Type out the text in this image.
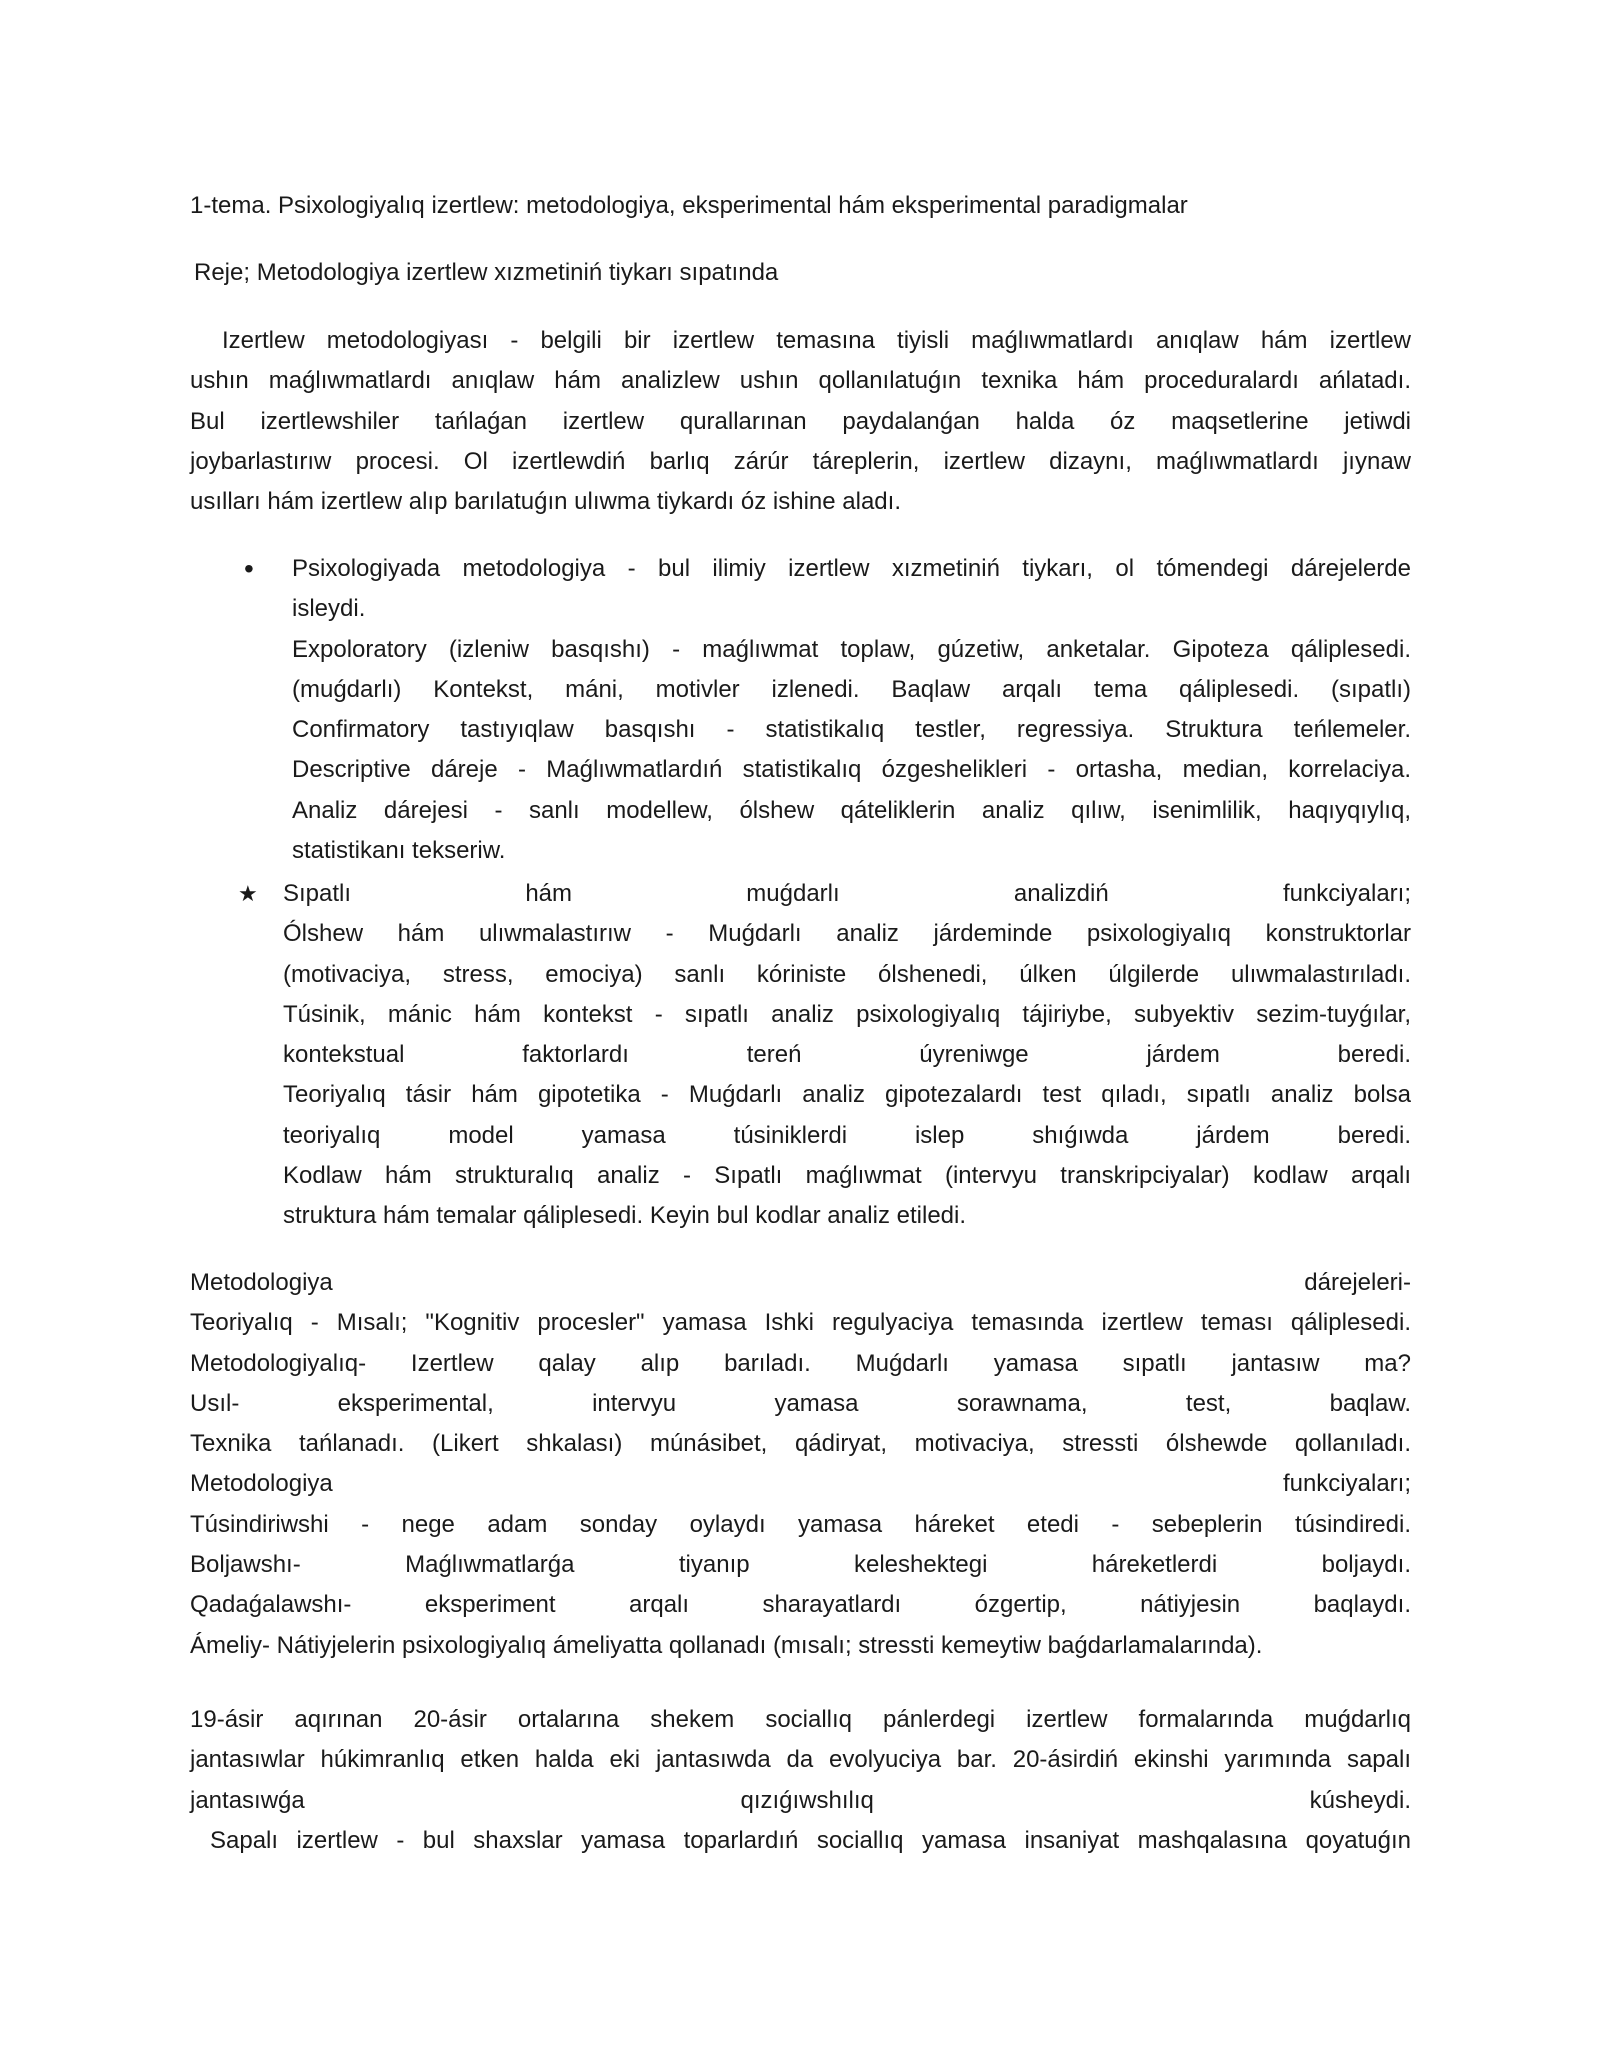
1-tema. Psixologiyalıq izertlew: metodologiya, eksperimental hám eksperimental paradigmalar
Reje; Metodologiya izertlew xızmetiniń tiykarı sıpatında
Izertlew metodologiyası - belgili bir izertlew temasına tiyisli maǵlıwmatlardı anıqlaw hám izertlew
ushın maǵlıwmatlardı anıqlaw hám analizlew ushın qollanılatuǵın texnika hám proceduralardı ańlatadı.
Bul izertlewshiler tańlaǵan izertlew qurallarınan paydalanǵan halda óz maqsetlerine jetiwdi
joybarlastırıw procesi. Ol izertlewdiń barlıq zárúr táreplerin, izertlew dizaynı, maǵlıwmatlardı jıynaw
usılları hám izertlew alıp barılatuǵın ulıwma tiykardı óz ishine aladı.
• Psixologiyada metodologiya - bul ilimiy izertlew xızmetiniń tiykarı, ol tómendegi dárejelerde
isleydi.
Expoloratory (izleniw basqıshı) - maǵlıwmat toplaw, gúzetiw, anketalar. Gipoteza qáliplesedi.
(muǵdarlı) Kontekst, máni, motivler izlenedi. Baqlaw arqalı tema qáliplesedi. (sıpatlı)
Confirmatory tastıyıqlaw basqıshı - statistikalıq testler, regressiya. Struktura teńlemeler.
Descriptive dáreje - Maǵlıwmatlardıń statistikalıq ózgeshelikleri - ortasha, median, korrelaciya.
Analiz dárejesi - sanlı modellew, ólshew qáteliklerin analiz qılıw, isenimlilik, haqıyqıylıq,
statistikanı tekseriw.
★ Sıpatlı hám muǵdarlı analizdiń funkciyaları;
Ólshew hám ulıwmalastırıw - Muǵdarlı analiz járdeminde psixologiyalıq konstruktorlar
(motivaciya, stress, emociya) sanlı kóriniste ólshenedi, úlken úlgilerde ulıwmalastırıladı.
Túsinik, mánic hám kontekst - sıpatlı analiz psixologiyalıq tájiriybe, subyektiv sezim-tuyǵılar,
kontekstual faktorlardı tereń úyreniwge járdem beredi.
Teoriyalıq tásir hám gipotetika - Muǵdarlı analiz gipotezalardı test qıladı, sıpatlı analiz bolsa
teoriyalıq model yamasa túsiniklerdi islep shıǵıwda járdem beredi.
Kodlaw hám strukturalıq analiz - Sıpatlı maǵlıwmat (intervyu transkripciyalar) kodlaw arqalı
struktura hám temalar qáliplesedi. Keyin bul kodlar analiz etiledi.
Metodologiya dárejeleri-
Teoriyalıq - Mısalı; "Kognitiv procesler" yamasa Ishki regulyaciya temasında izertlew teması qáliplesedi.
Metodologiyalıq- Izertlew qalay alıp barıladı. Muǵdarlı yamasa sıpatlı jantasıw ma?
Usıl- eksperimental, intervyu yamasa sorawnama, test, baqlaw.
Texnika tańlanadı. (Likert shkalası) múnásibet, qádiryat, motivaciya, stressti ólshewde qollanıladı.
Metodologiya funkciyaları;
Túsindiriwshi - nege adam sonday oylaydı yamasa háreket etedi - sebeplerin túsindiredi.
Boljawshı- Maǵlıwmatlarǵa tiyanıp keleshektegi háreketlerdi boljaydı.
Qadaǵalawshı- eksperiment arqalı sharayatlardı ózgertip, nátiyjesin baqlaydı.
Ámeliy- Nátiyjelerin psixologiyalıq ámeliyatta qollanadı (mısalı; stressti kemeytiw baǵdarlamalarında).
19-ásir aqırınan 20-ásir ortalarına shekem sociallıq pánlerdegi izertlew formalarında muǵdarlıq
jantasıwlar húkimranlıq etken halda eki jantasıwda da evolyuciya bar. 20-ásirdiń ekinshi yarımında sapalı
jantasıwǵa qızıǵıwshılıq kúsheydi.
Sapalı izertlew - bul shaxslar yamasa toparlardıń sociallıq yamasa insaniyat mashqalasına qoyatuǵın
